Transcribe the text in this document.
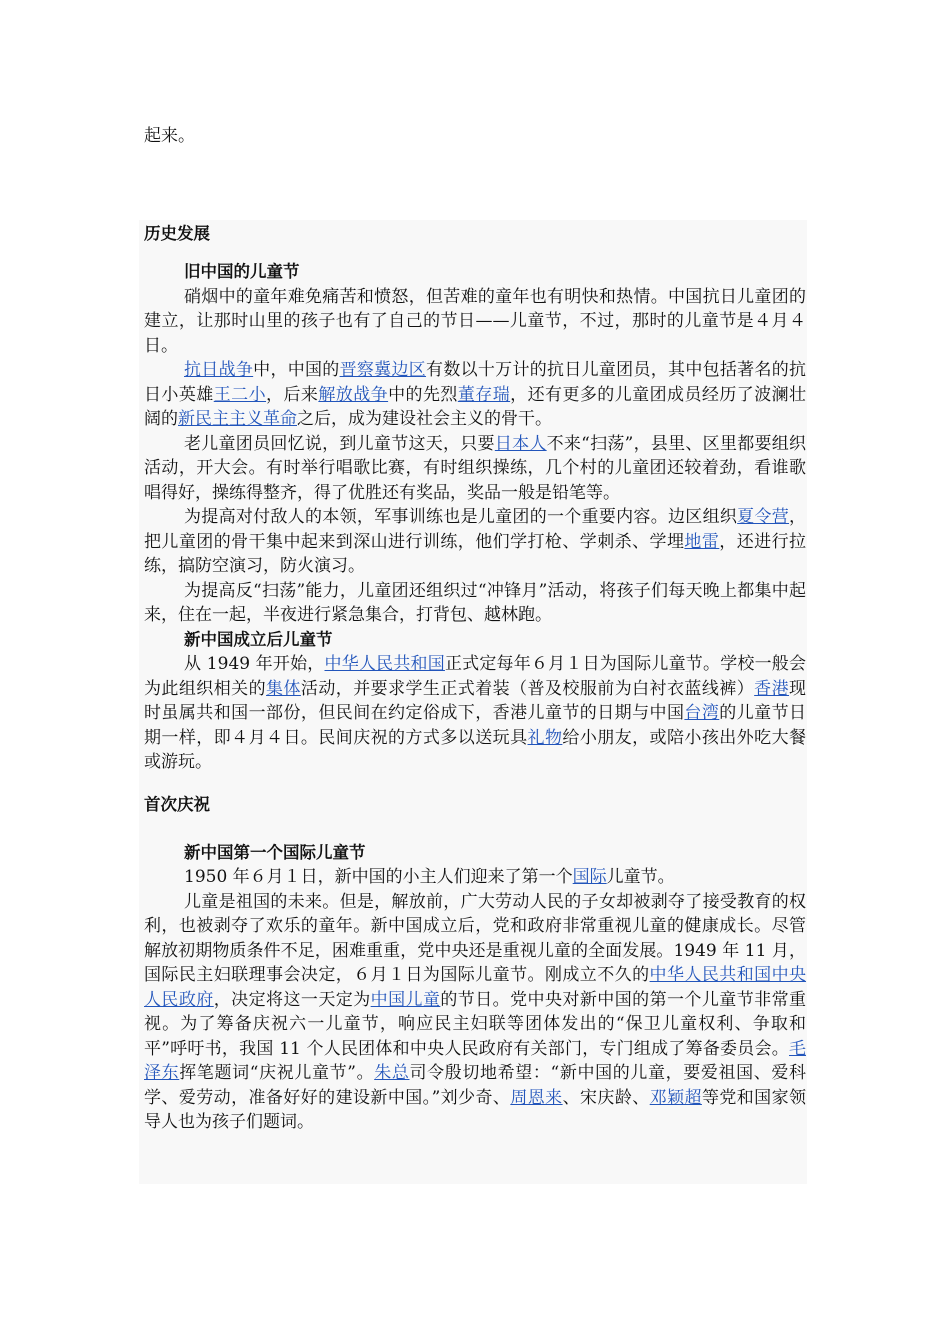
起来。
历史发展
旧中国的儿童节

硝烟中的童年难免痛苦和愤怒，但苦难的童年也有明快和热情。中国抗日儿童团的建立，让那时山里的孩子也有了自己的节日——儿童节，不过，那时的儿童节是４月４日。

抗日战争中，中国的晋察冀边区有数以十万计的抗日儿童团员，其中包括著名的抗日小英雄王二小，后来解放战争中的先烈董存瑞，还有更多的儿童团成员经历了波澜壮阔的新民主主义革命之后，成为建设社会主义的骨干。

老儿童团员回忆说，到儿童节这天，只要日本人不来“扫荡”，县里、区里都要组织活动，开大会。有时举行唱歌比赛，有时组织操练，几个村的儿童团还较着劲，看谁歌唱得好，操练得整齐，得了优胜还有奖品，奖品一般是铅笔等。

为提高对付敌人的本领，军事训练也是儿童团的一个重要内容。边区组织夏令营，把儿童团的骨干集中起来到深山进行训练，他们学打枪、学刺杀、学埋地雷，还进行拉练，搞防空演习，防火演习。

为提高反“扫荡”能力，儿童团还组织过“冲锋月”活动，将孩子们每天晚上都集中起来，住在一起，半夜进行紧急集合，打背包、越林跑。

新中国成立后儿童节

从 1949 年开始，中华人民共和国正式定每年６月１日为国际儿童节。学校一般会为此组织相关的集体活动，并要求学生正式着装（普及校服前为白衬衣蓝线裤）香港现时虽属共和国一部份，但民间在约定俗成下，香港儿童节的日期与中国台湾的儿童节日期一样，即４月４日。民间庆祝的方式多以送玩具礼物给小朋友，或陪小孩出外吃大餐或游玩。

首次庆祝
新中国第一个国际儿童节

1950 年６月１日，新中国的小主人们迎来了第一个国际儿童节。

儿童是祖国的未来。但是，解放前，广大劳动人民的子女却被剥夺了接受教育的权利，也被剥夺了欢乐的童年。新中国成立后，党和政府非常重视儿童的健康成长。尽管解放初期物质条件不足，困难重重，党中央还是重视儿童的全面发展。1949 年 11 月，国际民主妇联理事会决定，６月１日为国际儿童节。刚成立不久的中华人民共和国中央人民政府，决定将这一天定为中国儿童的节日。党中央对新中国的第一个儿童节非常重视。为了筹备庆祝六一儿童节，响应民主妇联等团体发出的“保卫儿童权利、争取和平”呼吁书，我国 11 个人民团体和中央人民政府有关部门，专门组成了筹备委员会。毛泽东挥笔题词“庆祝儿童节”。朱总司令殷切地希望：“新中国的儿童，要爱祖国、爱科学、爱劳动，准备好好的建设新中国。”刘少奇、周恩来、宋庆龄、邓颖超等党和国家领导人也为孩子们题词。
